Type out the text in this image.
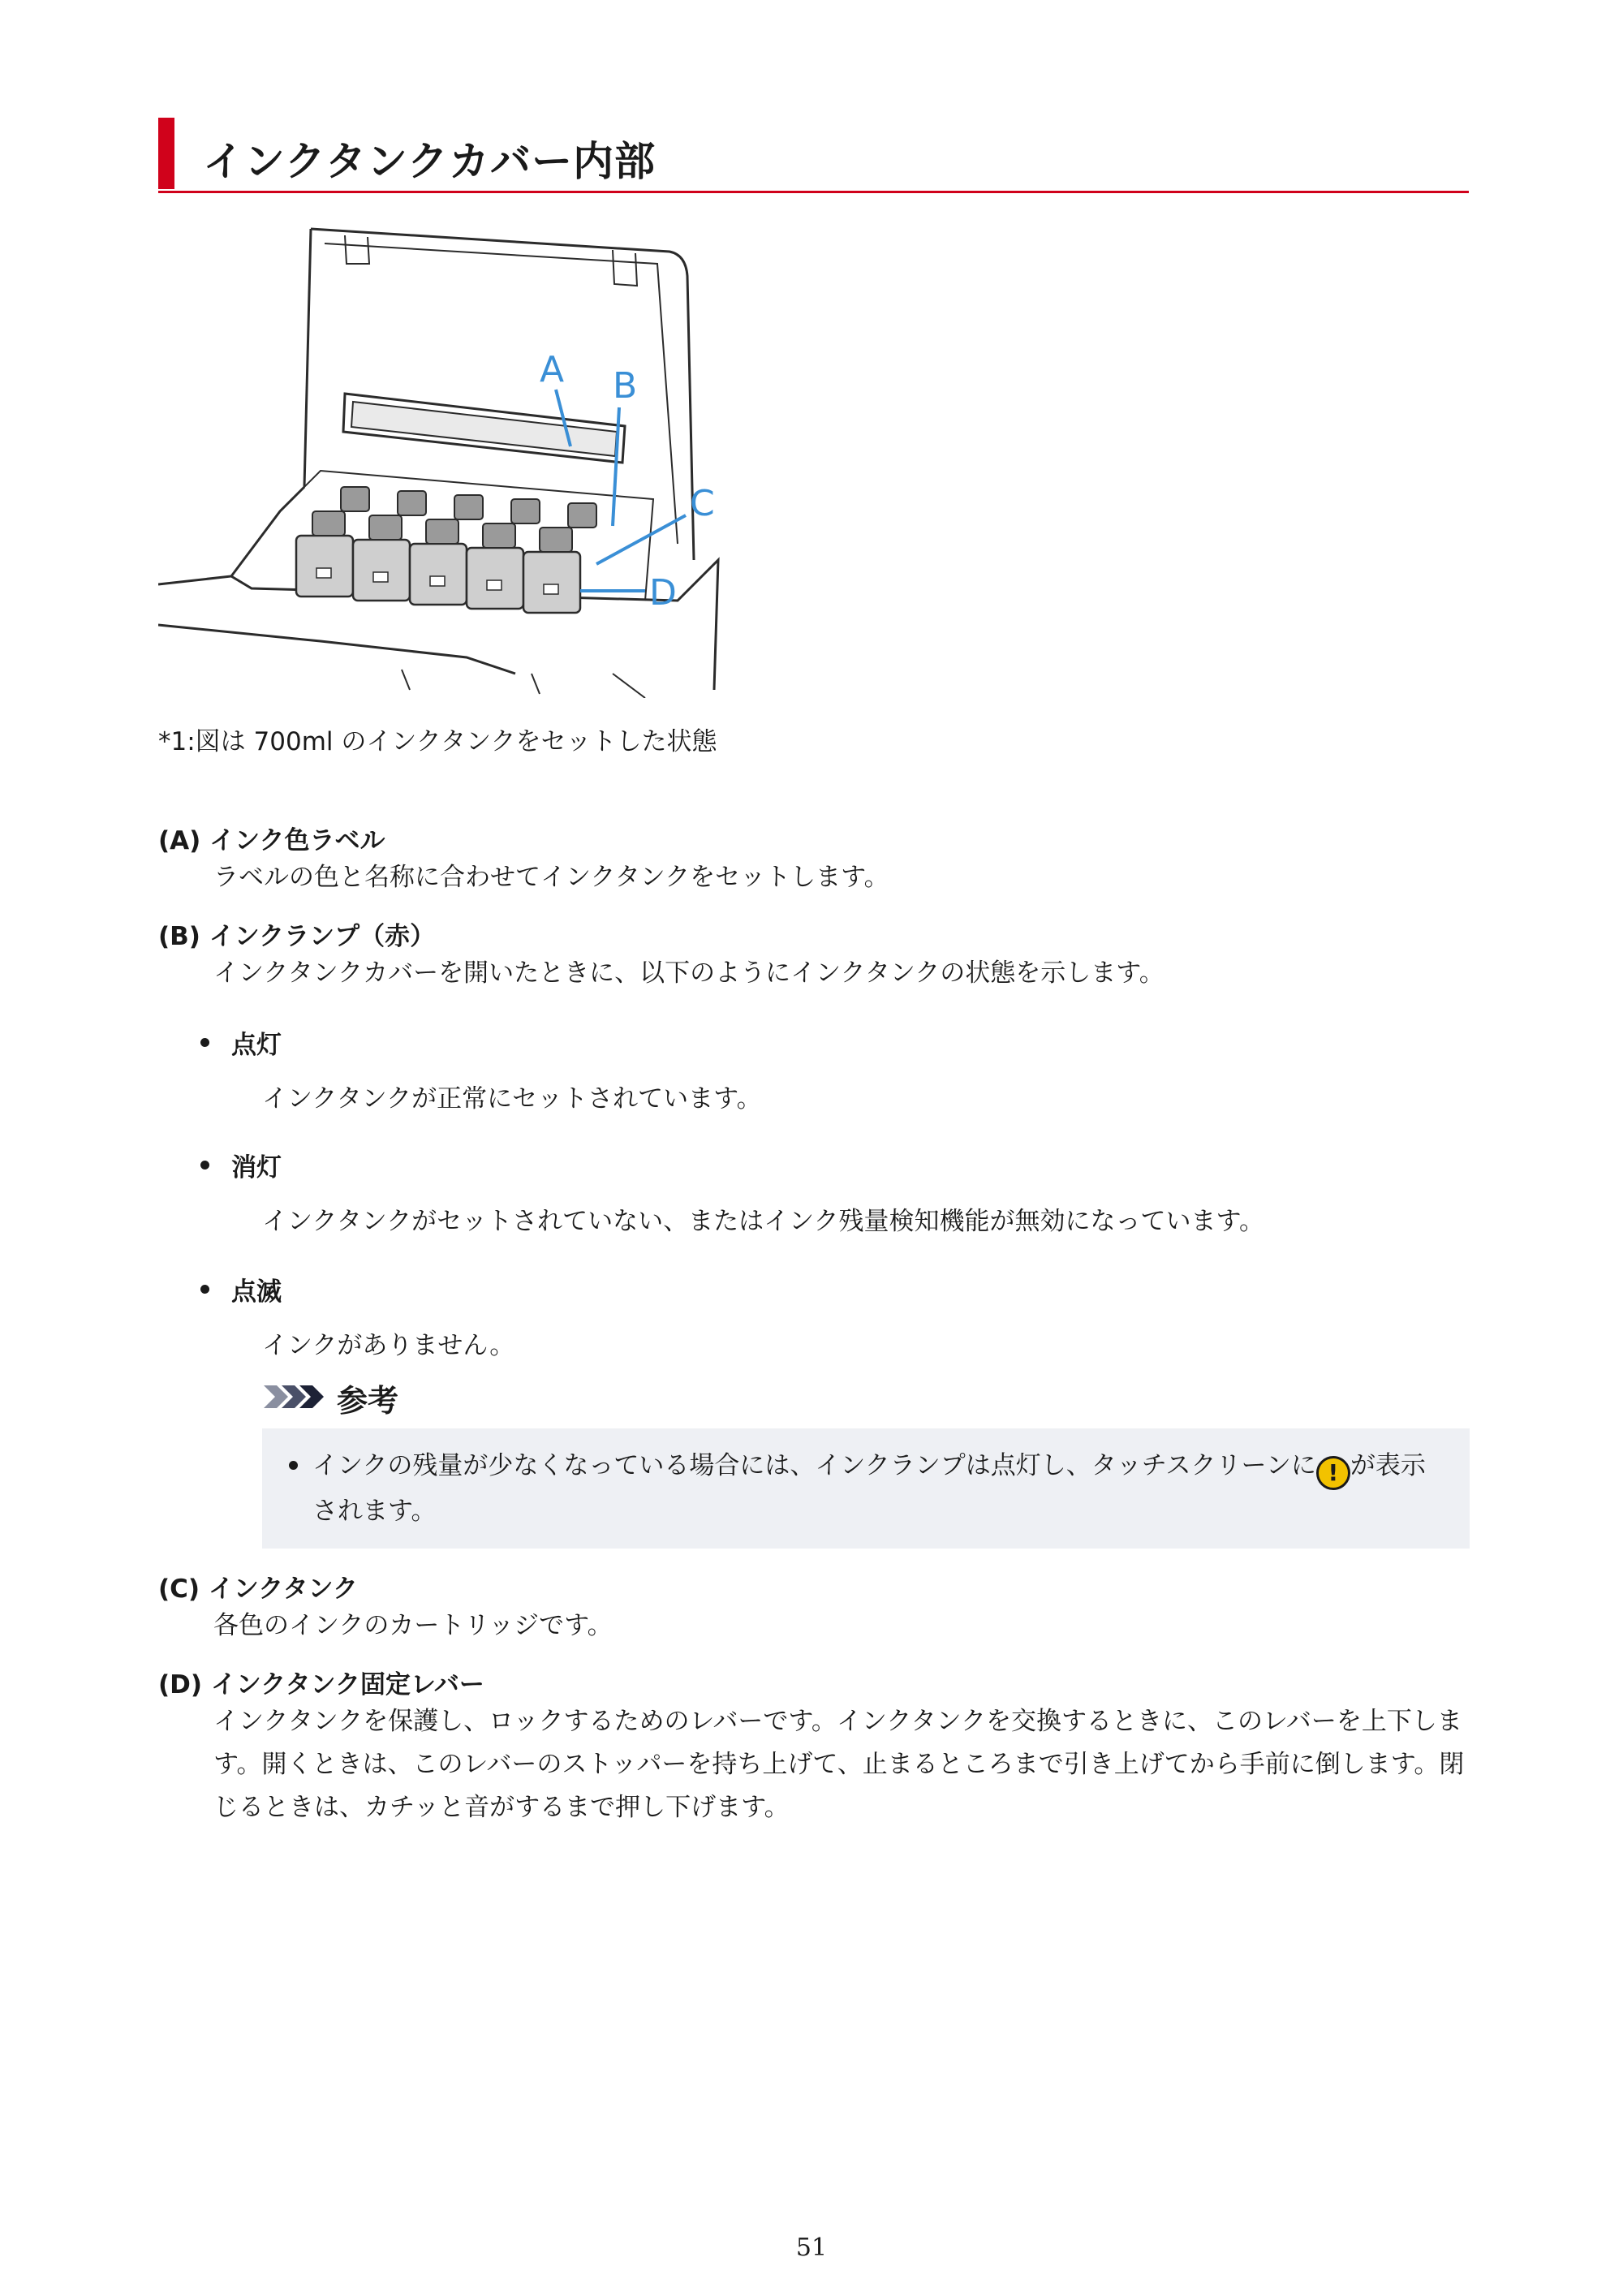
インクタンクカバー内部
A B
C
D
*1:図は 700ml のインクタンクをセットした状態
(A) インク色ラベル
ラベルの色と名称に合わせてインクタンクをセットします。
(B) インクランプ（赤）
インクタンクカバーを開いたときに、以下のようにインクタンクの状態を示します。
点灯
インクタンクが正常にセットされています。
消灯
インクタンクがセットされていない、またはインク残量検知機能が無効になっています。
点滅
インクがありません。
参考
インクの残量が少なくなっている場合には、インクランプは点灯し、タッチスクリーンに ! が表示されます。
(C) インクタンク
各色のインクのカートリッジです。
(D) インクタンク固定レバー
インクタンクを保護し、ロックするためのレバーです。インクタンクを交換するときに、このレバーを上下します。開くときは、このレバーのストッパーを持ち上げて、止まるところまで引き上げてから手前に倒します。閉じるときは、カチッと音がするまで押し下げます。
51
